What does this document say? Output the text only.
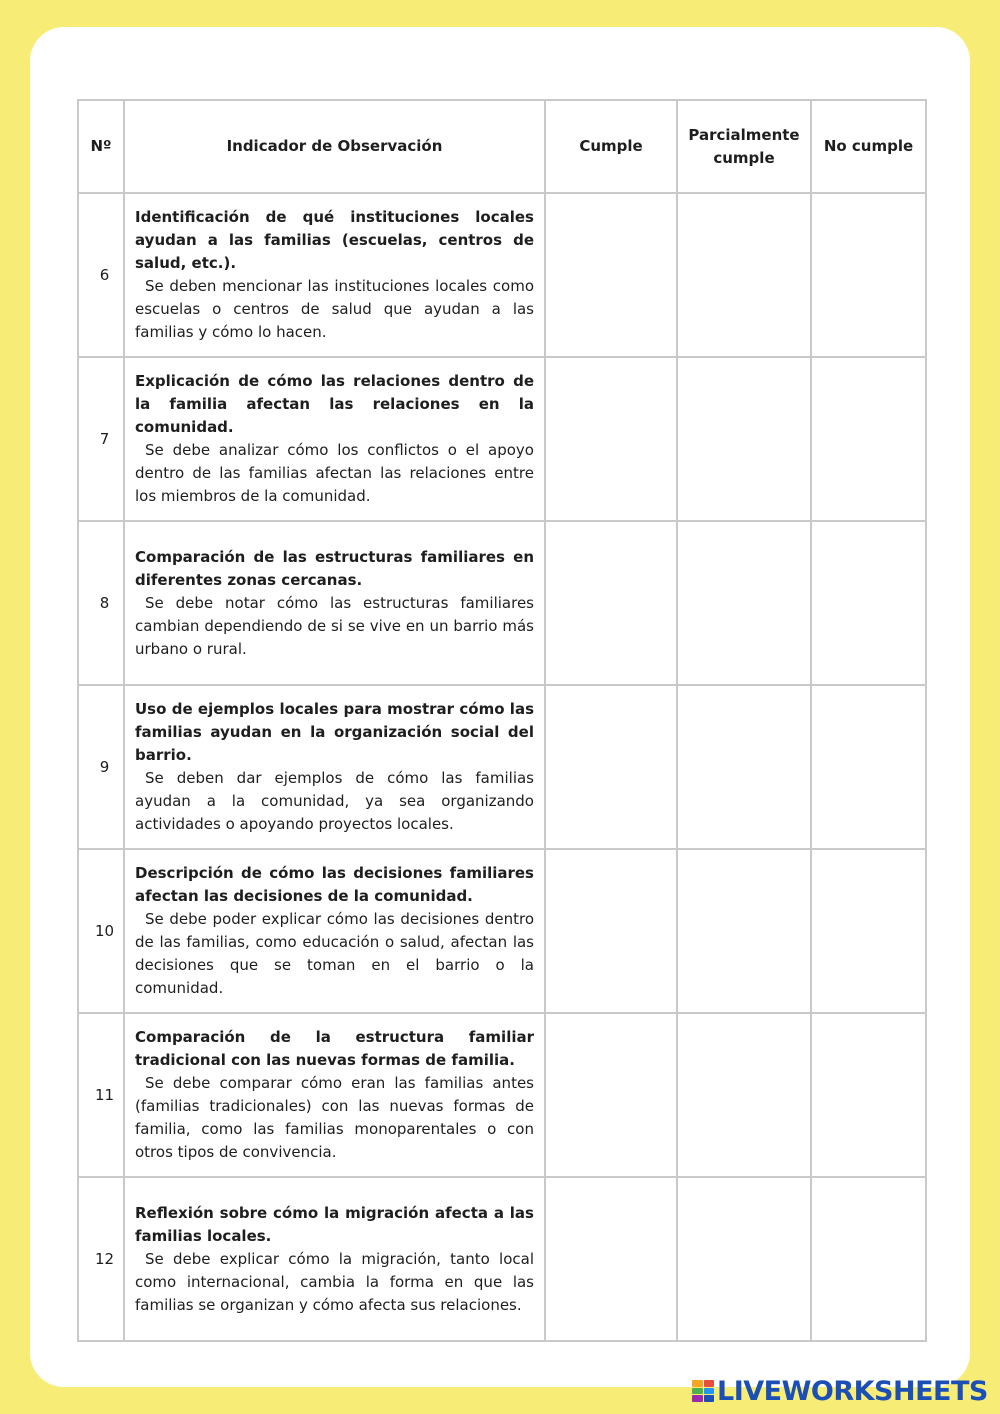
Nº	Indicador de Observación	Cumple	Parcialmente cumple	No cumple
6	Identificación de qué instituciones locales ayudan a las familias (escuelas, centros de salud, etc.).
Se deben mencionar las instituciones locales como escuelas o centros de salud que ayudan a las familias y cómo lo hacen.			

7	Explicación de cómo las relaciones dentro de la familia afectan las relaciones en la comunidad.
Se debe analizar cómo los conflictos o el apoyo dentro de las familias afectan las relaciones entre los miembros de la comunidad.			

8	Comparación de las estructuras familiares en diferentes zonas cercanas.
Se debe notar cómo las estructuras familiares cambian dependiendo de si se vive en un barrio más urbano o rural.			

9	Uso de ejemplos locales para mostrar cómo las familias ayudan en la organización social del barrio.
Se deben dar ejemplos de cómo las familias ayudan a la comunidad, ya sea organizando actividades o apoyando proyectos locales.			

10	Descripción de cómo las decisiones familiares afectan las decisiones de la comunidad.
Se debe poder explicar cómo las decisiones dentro de las familias, como educación o salud, afectan las decisiones que se toman en el barrio o la comunidad.			

11	Comparación de la estructura familiar tradicional con las nuevas formas de familia.
Se debe comparar cómo eran las familias antes (familias tradicionales) con las nuevas formas de familia, como las familias monoparentales o con otros tipos de convivencia.			

12	Reflexión sobre cómo la migración afecta a las familias locales.
Se debe explicar cómo la migración, tanto local como internacional, cambia la forma en que las familias se organizan y cómo afecta sus relaciones.			

LIVEWORKSHEETS
